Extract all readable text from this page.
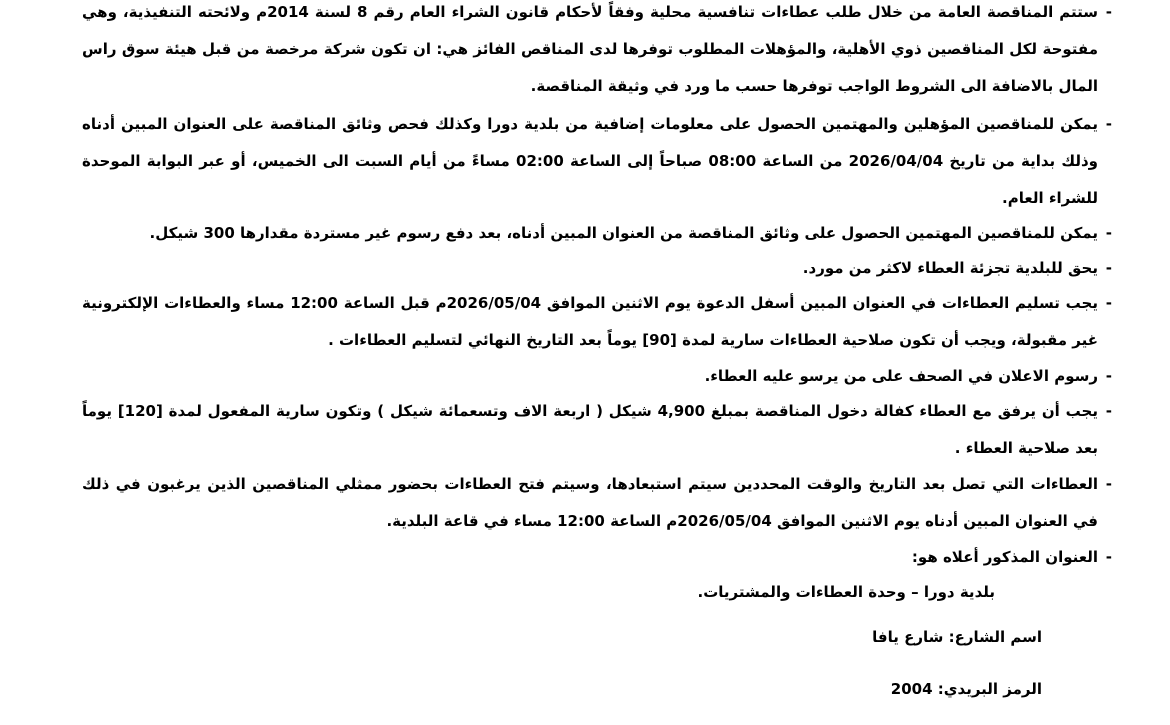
-
ستتم المناقصة العامة من خلال طلب عطاءات تنافسية محلية وفقاً لأحكام قانون الشراء العام رقم 8 لسنة 2014م ولائحته التنفيذية، وهي مفتوحة لكل المناقصين ذوي الأهلية، والمؤهلات المطلوب توفرها لدى المناقص الفائز هي: ان تكون شركة مرخصة من قبل هيئة سوق راس المال بالاضافة الى الشروط الواجب توفرها حسب ما ورد في وثيقة المناقصة.
-
يمكن للمناقصين المؤهلين والمهتمين الحصول على معلومات إضافية من بلدية دورا وكذلك فحص وثائق المناقصة على العنوان المبين أدناه وذلك بداية من تاريخ 2026/04/04 من الساعة 08:00 صباحاً إلى الساعة 02:00 مساءً من أيام السبت الى الخميس، أو عبر البوابة الموحدة للشراء العام.
-
يمكن للمناقصين المهتمين الحصول على وثائق المناقصة من العنوان المبين أدناه، بعد دفع رسوم غير مستردة مقدارها 300 شيكل.
-
يحق للبلدية تجزئة العطاء لاكثر من مورد.
-
يجب تسليم العطاءات في العنوان المبين أسفل الدعوة يوم الاثنين الموافق 2026/05/04م قبل الساعة 12:00 مساء والعطاءات الإلكترونية غير مقبولة، ويجب أن تكون صلاحية العطاءات سارية لمدة [90] يوماً بعد التاريخ النهائي لتسليم العطاءات .
-
رسوم الاعلان في الصحف على من يرسو عليه العطاء.
-
يجب أن يرفق مع العطاء كفالة دخول المناقصة بمبلغ 4,900 شيكل ( اربعة الاف وتسعمائة شيكل ) وتكون سارية المفعول لمدة [120] يوماً بعد صلاحية العطاء .
-
العطاءات التي تصل بعد التاريخ والوقت المحددين سيتم استبعادها، وسيتم فتح العطاءات بحضور ممثلي المناقصين الذين يرغبون في ذلك في العنوان المبين أدناه يوم الاثنين الموافق 2026/05/04م الساعة 12:00 مساء في قاعة البلدية.
-
العنوان المذكور أعلاه هو:
بلدية دورا – وحدة العطاءات والمشتريات.
اسم الشارع: شارع يافا
الرمز البريدي: 2004
